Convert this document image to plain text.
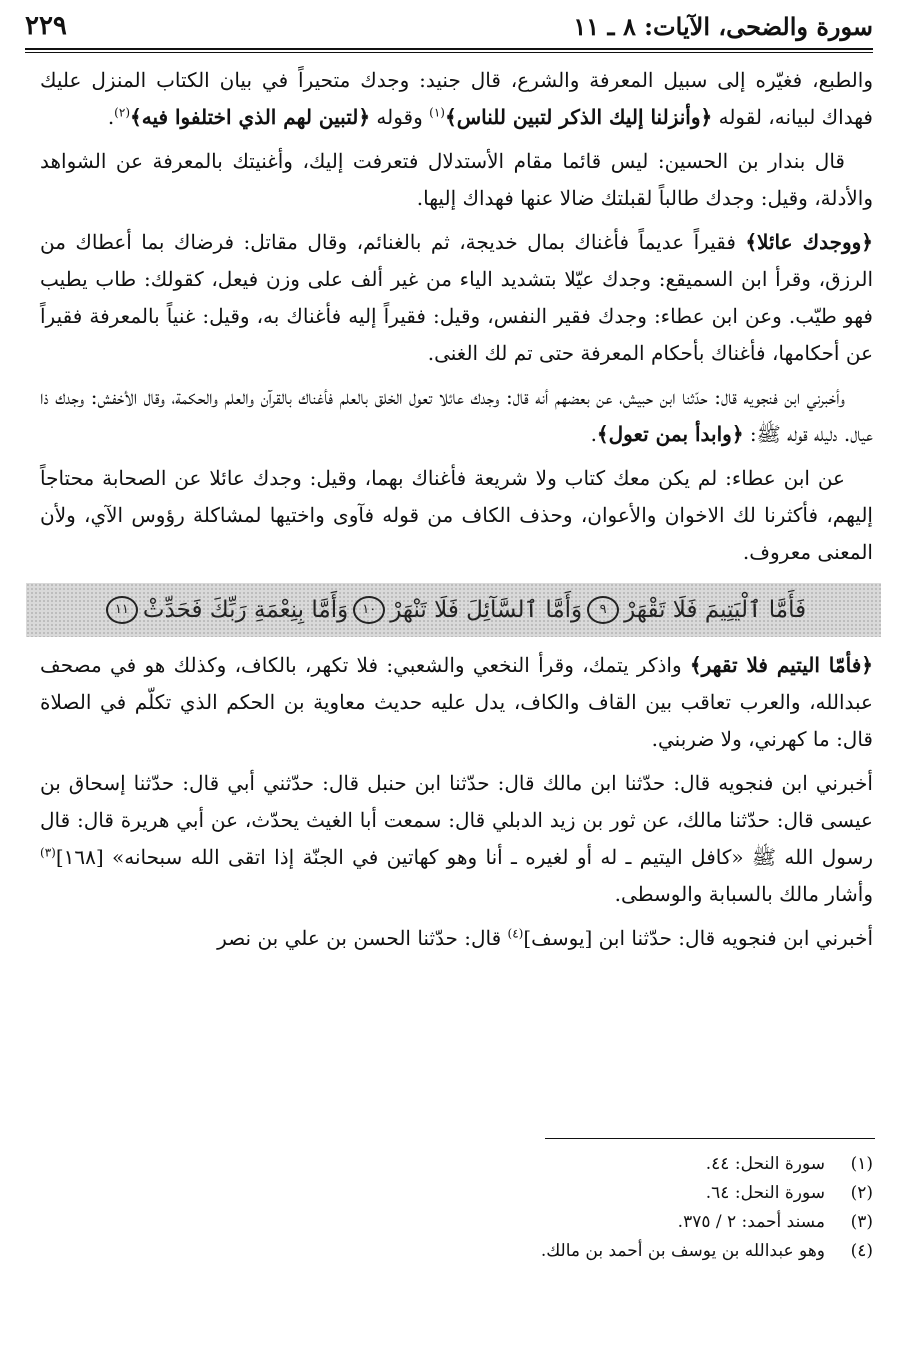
سورة والضحى، الآيات: ٨ ـ ١١
٢٢٩

والطبع، فغيّره إلى سبيل المعرفة والشرع، قال جنيد: وجدك متحيراً في بيان الكتاب المنزل عليك فهداك لبيانه، لقوله ﴿وأنزلنا إليك الذكر لتبين للناس﴾$^{(١)}$ وقوله ﴿لتبين لهم الذي اختلفوا فيه﴾$^{(٢)}$.

قال بندار بن الحسين: ليس قائما مقام الأستدلال فتعرفت إليك، وأغنيتك بالمعرفة عن الشواهد والأدلة، وقيل: وجدك طالباً لقبلتك ضالا عنها فهداك إليها.

﴿ووجدك عائلا﴾ فقيراً عديماً فأغناك بمال خديجة، ثم بالغنائم، وقال مقاتل: فرضاك بما أعطاك من الرزق، وقرأ ابن السميقع: وجدك عيّلا بتشديد الياء من غير ألف على وزن فيعل، كقولك: طاب يطيب فهو طيّب. وعن ابن عطاء: وجدك فقير النفس، وقيل: فقيراً إليه فأغناك به، وقيل: غنياً بالمعرفة فقيراً عن أحكامها، فأغناك بأحكام المعرفة حتى تم لك الغنى.

وأخبرني ابن فنجويه قال: حدّثنا ابن حبيش، عن بعضهم أنه قال: وجدك عائلا تعول الخلق بالعلم فأغناك بالقرآن والعلم والحكمة، وقال الأخفش: وجدك ذا عيال. دليله قوله ﷺ: ﴿وابدأ بمن تعول﴾.

عن ابن عطاء: لم يكن معك كتاب ولا شريعة فأغناك بهما، وقيل: وجدك عائلا عن الصحابة محتاجاً إليهم، فأكثرنا لك الاخوان والأعوان، وحذف الكاف من قوله فآوى واختيها لمشاكلة رؤوس الآي، ولأن المعنى معروف.

فَأَمَّا ٱلْيَتِيمَ فَلَا تَقْهَرْ
٩
وَأَمَّا ٱلسَّآئِلَ فَلَا تَنْهَرْ
١٠
وَأَمَّا بِنِعْمَةِ رَبِّكَ فَحَدِّثْ
١١

﴿فأمّا اليتيم فلا تقهر﴾ واذكر يتمك، وقرأ النخعي والشعبي: فلا تكهر، بالكاف، وكذلك هو في مصحف عبدالله، والعرب تعاقب بين القاف والكاف، يدل عليه حديث معاوية بن الحكم الذي تكلّم في الصلاة قال: ما كهرني، ولا ضربني.

أخبرني ابن فنجويه قال: حدّثنا ابن مالك قال: حدّثنا ابن حنبل قال: حدّثني أبي قال: حدّثنا إسحاق بن عيسى قال: حدّثنا مالك، عن ثور بن زيد الدبلي قال: سمعت أبا الغيث يحدّث، عن أبي هريرة قال: قال رسول الله ﷺ «كافل اليتيم ـ له أو لغيره ـ أنا وهو كهاتين في الجنّة إذا اتقى الله سبحانه» [١٦٨]$^{(٣)}$ وأشار مالك بالسبابة والوسطى.

أخبرني ابن فنجويه قال: حدّثنا ابن [يوسف]$^{(٤)}$ قال: حدّثنا الحسن بن علي بن نصر

(١)
سورة النحل: ٤٤.
(٢)
سورة النحل: ٦٤.
(٣)
مسند أحمد: ٢ / ٣٧٥.
(٤)
وهو عبدالله بن يوسف بن أحمد بن مالك.
